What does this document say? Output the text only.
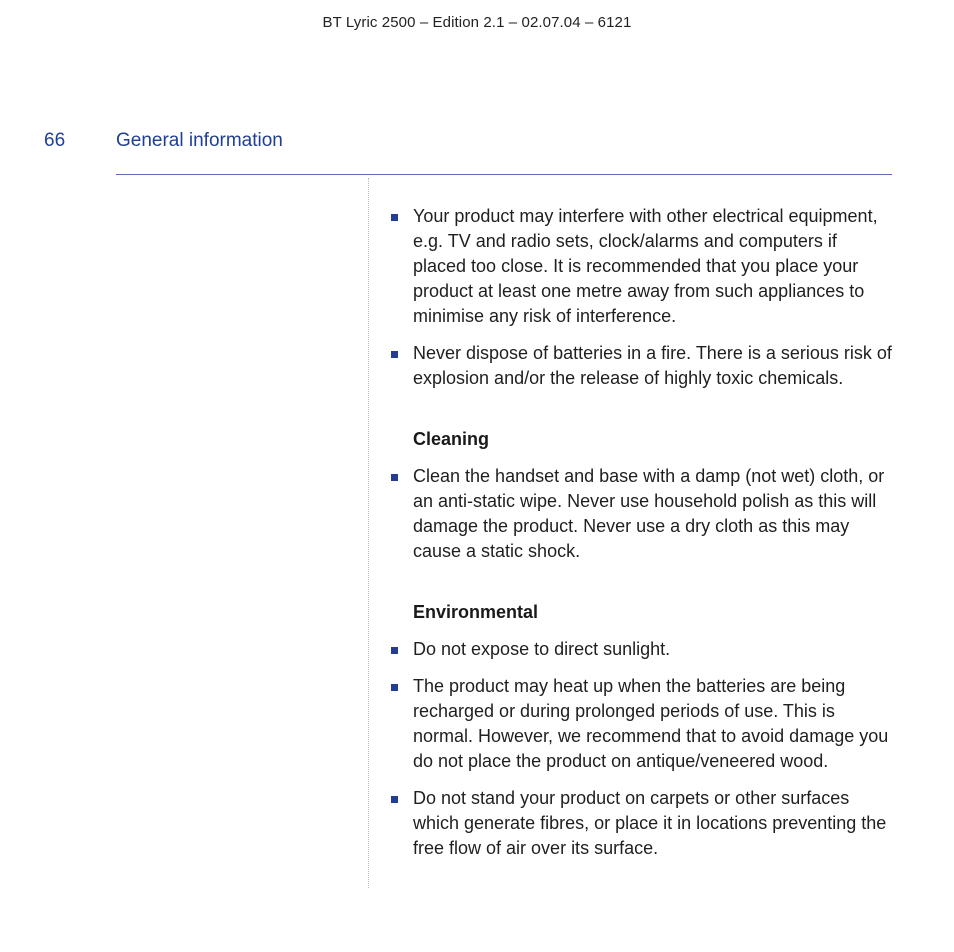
BT Lyric 2500 – Edition 2.1 – 02.07.04 – 6121
66	General information
Your product may interfere with other electrical equipment, e.g. TV and radio sets, clock/alarms and computers if placed too close. It is recommended that you place your product at least one metre away from such appliances to minimise any risk of interference.
Never dispose of batteries in a fire. There is a serious risk of explosion and/or the release of highly toxic chemicals.
Cleaning
Clean the handset and base with a damp (not wet) cloth, or an anti-static wipe. Never use household polish as this will damage the product. Never use a dry cloth as this may cause a static shock.
Environmental
Do not expose to direct sunlight.
The product may heat up when the batteries are being recharged or during prolonged periods of use. This is normal. However, we recommend that to avoid damage you do not place the product on antique/veneered wood.
Do not stand your product on carpets or other surfaces which generate fibres, or place it in locations preventing the free flow of air over its surface.
